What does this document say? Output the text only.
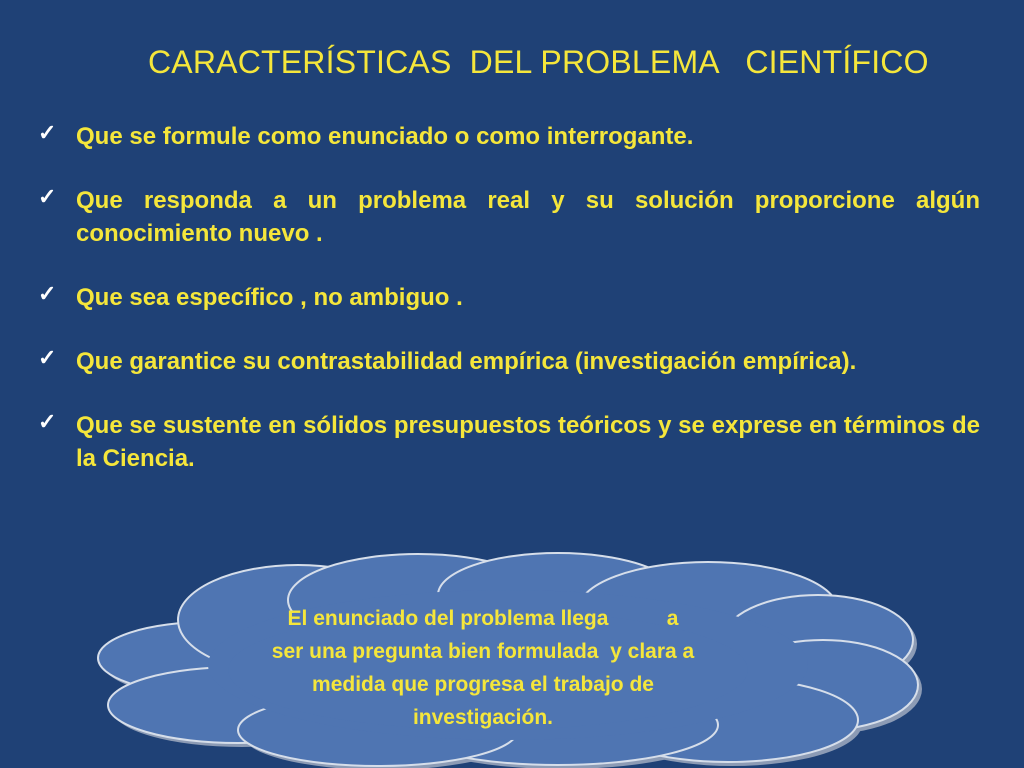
CARACTERÍSTICAS  DEL PROBLEMA   CIENTÍFICO
✓ Que se formule como enunciado o como interrogante.
✓ Que responda a un problema real y su solución proporcione algún conocimiento nuevo .
✓ Que sea específico , no ambiguo .
✓ Que garantice su contrastabilidad empírica (investigación empírica).
✓ Que se sustente en sólidos presupuestos teóricos y se exprese en términos de la Ciencia.
El enunciado del problema llega          a
ser una pregunta bien formulada  y clara a
medida que progresa el trabajo de
investigación.
